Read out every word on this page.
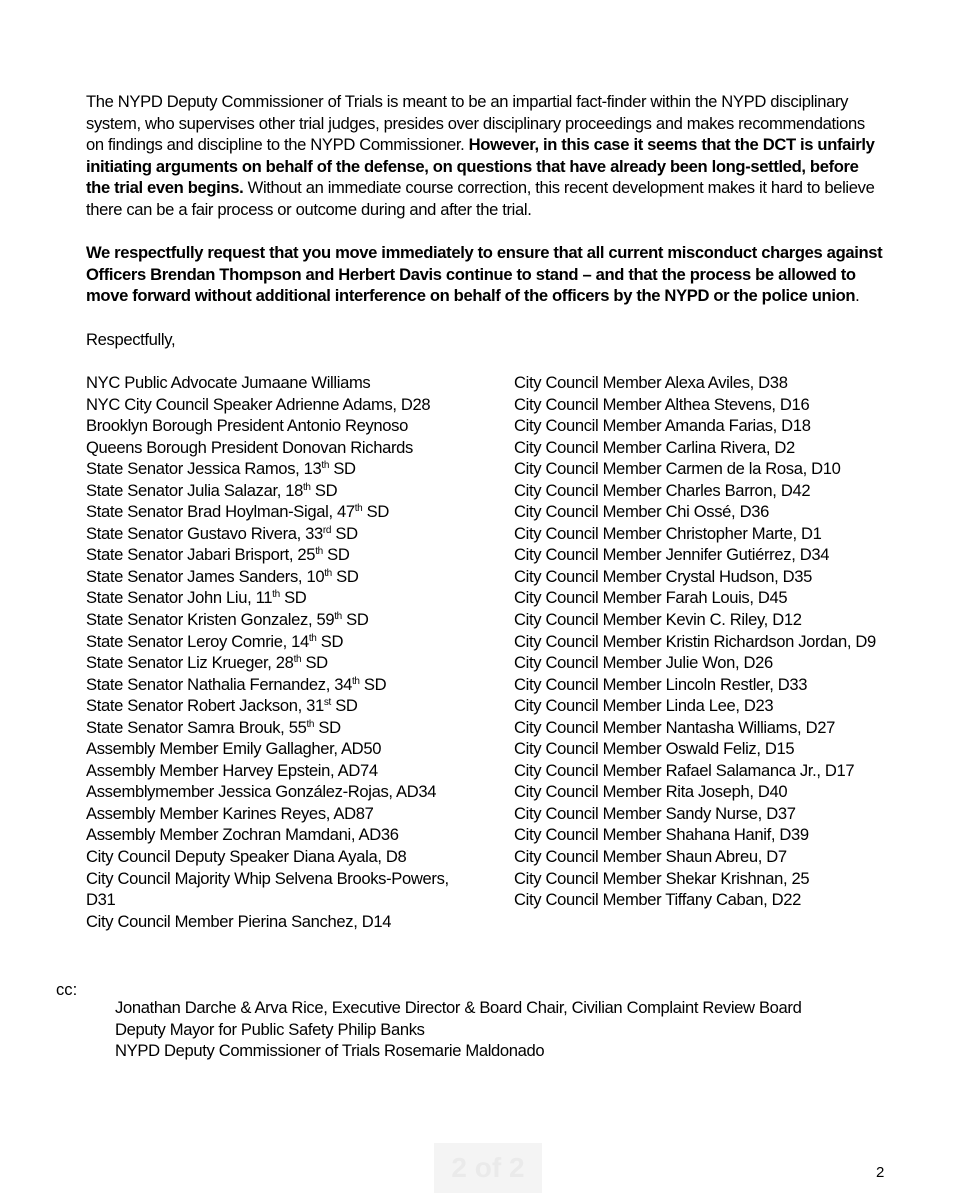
The NYPD Deputy Commissioner of Trials is meant to be an impartial fact-finder within the NYPD disciplinary system, who supervises other trial judges, presides over disciplinary proceedings and makes recommendations on findings and discipline to the NYPD Commissioner. However, in this case it seems that the DCT is unfairly initiating arguments on behalf of the defense, on questions that have already been long-settled, before the trial even begins. Without an immediate course correction, this recent development makes it hard to believe there can be a fair process or outcome during and after the trial.

We respectfully request that you move immediately to ensure that all current misconduct charges against Officers Brendan Thompson and Herbert Davis continue to stand – and that the process be allowed to move forward without additional interference on behalf of the officers by the NYPD or the police union.

Respectfully,

NYC Public Advocate Jumaane Williams
NYC City Council Speaker Adrienne Adams, D28
Brooklyn Borough President Antonio Reynoso
Queens Borough President Donovan Richards
State Senator Jessica Ramos, 13th SD
State Senator Julia Salazar, 18th SD
State Senator Brad Hoylman-Sigal, 47th SD
State Senator Gustavo Rivera, 33rd SD
State Senator Jabari Brisport, 25th SD
State Senator James Sanders, 10th SD
State Senator John Liu, 11th SD
State Senator Kristen Gonzalez, 59th SD
State Senator Leroy Comrie, 14th SD
State Senator Liz Krueger, 28th SD
State Senator Nathalia Fernandez, 34th SD
State Senator Robert Jackson, 31st SD
State Senator Samra Brouk, 55th SD
Assembly Member Emily Gallagher, AD50
Assembly Member Harvey Epstein, AD74
Assemblymember Jessica González-Rojas, AD34
Assembly Member Karines Reyes, AD87
Assembly Member Zochran Mamdani, AD36
City Council Deputy Speaker Diana Ayala, D8
City Council Majority Whip Selvena Brooks-Powers,
D31
City Council Member Pierina Sanchez, D14
City Council Member Alexa Aviles, D38
City Council Member Althea Stevens, D16
City Council Member Amanda Farias, D18
City Council Member Carlina Rivera, D2
City Council Member Carmen de la Rosa, D10
City Council Member Charles Barron, D42
City Council Member Chi Ossé, D36
City Council Member Christopher Marte, D1
City Council Member Jennifer Gutiérrez, D34
City Council Member Crystal Hudson, D35
City Council Member Farah Louis, D45
City Council Member Kevin C. Riley, D12
City Council Member Kristin Richardson Jordan, D9
City Council Member Julie Won, D26
City Council Member Lincoln Restler, D33
City Council Member Linda Lee, D23
City Council Member Nantasha Williams, D27
City Council Member Oswald Feliz, D15
City Council Member Rafael Salamanca Jr., D17
City Council Member Rita Joseph, D40
City Council Member Sandy Nurse, D37
City Council Member Shahana Hanif, D39
City Council Member Shaun Abreu, D7
City Council Member Shekar Krishnan, 25
City Council Member Tiffany Caban, D22
cc:
Jonathan Darche & Arva Rice, Executive Director & Board Chair, Civilian Complaint Review Board
Deputy Mayor for Public Safety Philip Banks
NYPD Deputy Commissioner of Trials Rosemarie Maldonado
2 of 2	2
